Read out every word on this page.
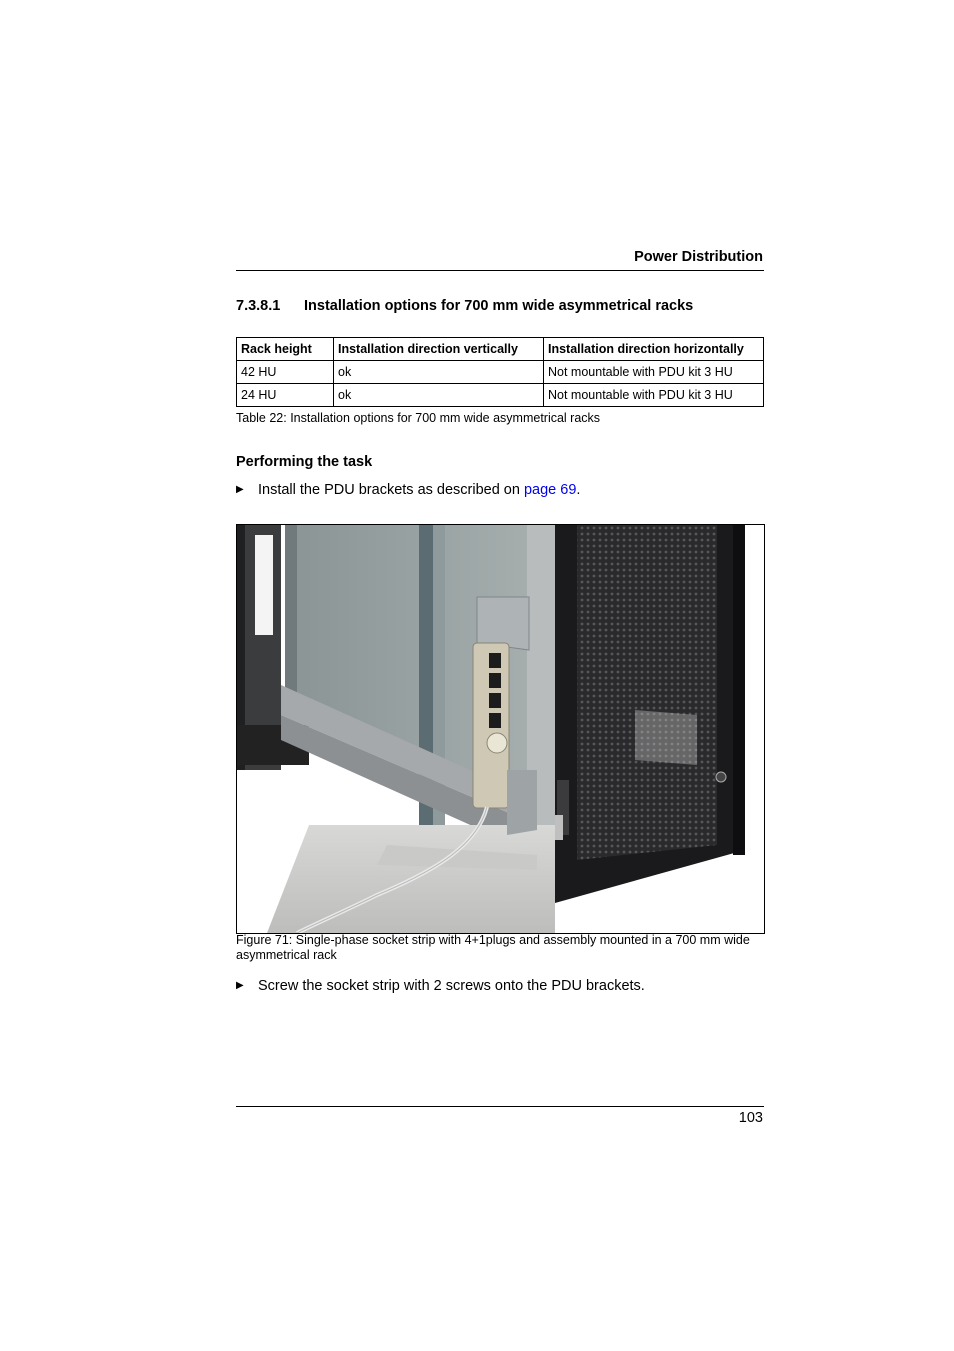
Power Distribution
7.3.8.1 Installation options for 700 mm wide asymmetrical racks
Rack height	Installation direction vertically	Installation direction horizontally
42 HU	ok	Not mountable with PDU kit 3 HU
24 HU	ok	Not mountable with PDU kit 3 HU
Table 22: Installation options for 700 mm wide asymmetrical racks
Performing the task
▶ Install the PDU brackets as described on page 69.
Figure 71: Single-phase socket strip with 4+1plugs and assembly mounted in a 700 mm wide asymmetrical rack
▶ Screw the socket strip with 2 screws onto the PDU brackets.
103
